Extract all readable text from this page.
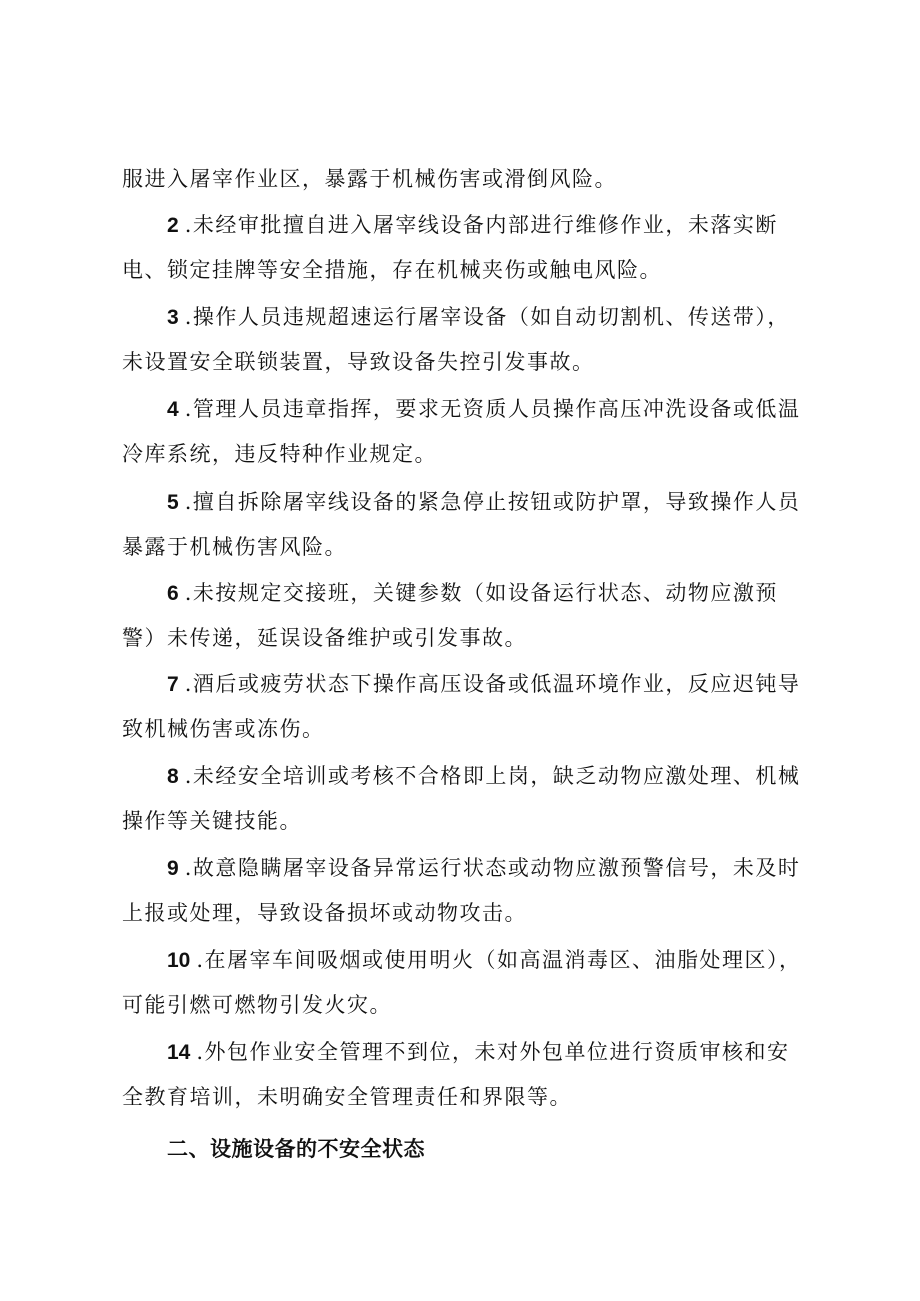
服进入屠宰作业区，暴露于机械伤害或滑倒风险。

2 .未经审批擅自进入屠宰线设备内部进行维修作业，未落实断电、锁定挂牌等安全措施，存在机械夹伤或触电风险。

3 .操作人员违规超速运行屠宰设备（如自动切割机、传送带），未设置安全联锁装置，导致设备失控引发事故。

4 .管理人员违章指挥，要求无资质人员操作高压冲洗设备或低温冷库系统，违反特种作业规定。

5 .擅自拆除屠宰线设备的紧急停止按钮或防护罩，导致操作人员暴露于机械伤害风险。

6 .未按规定交接班，关键参数（如设备运行状态、动物应激预警）未传递，延误设备维护或引发事故。

7 .酒后或疲劳状态下操作高压设备或低温环境作业，反应迟钝导致机械伤害或冻伤。

8 .未经安全培训或考核不合格即上岗，缺乏动物应激处理、机械操作等关键技能。

9 .故意隐瞒屠宰设备异常运行状态或动物应激预警信号，未及时上报或处理，导致设备损坏或动物攻击。

10 .在屠宰车间吸烟或使用明火（如高温消毒区、油脂处理区），可能引燃可燃物引发火灾。

14 .外包作业安全管理不到位，未对外包单位进行资质审核和安全教育培训，未明确安全管理责任和界限等。

二、设施设备的不安全状态
